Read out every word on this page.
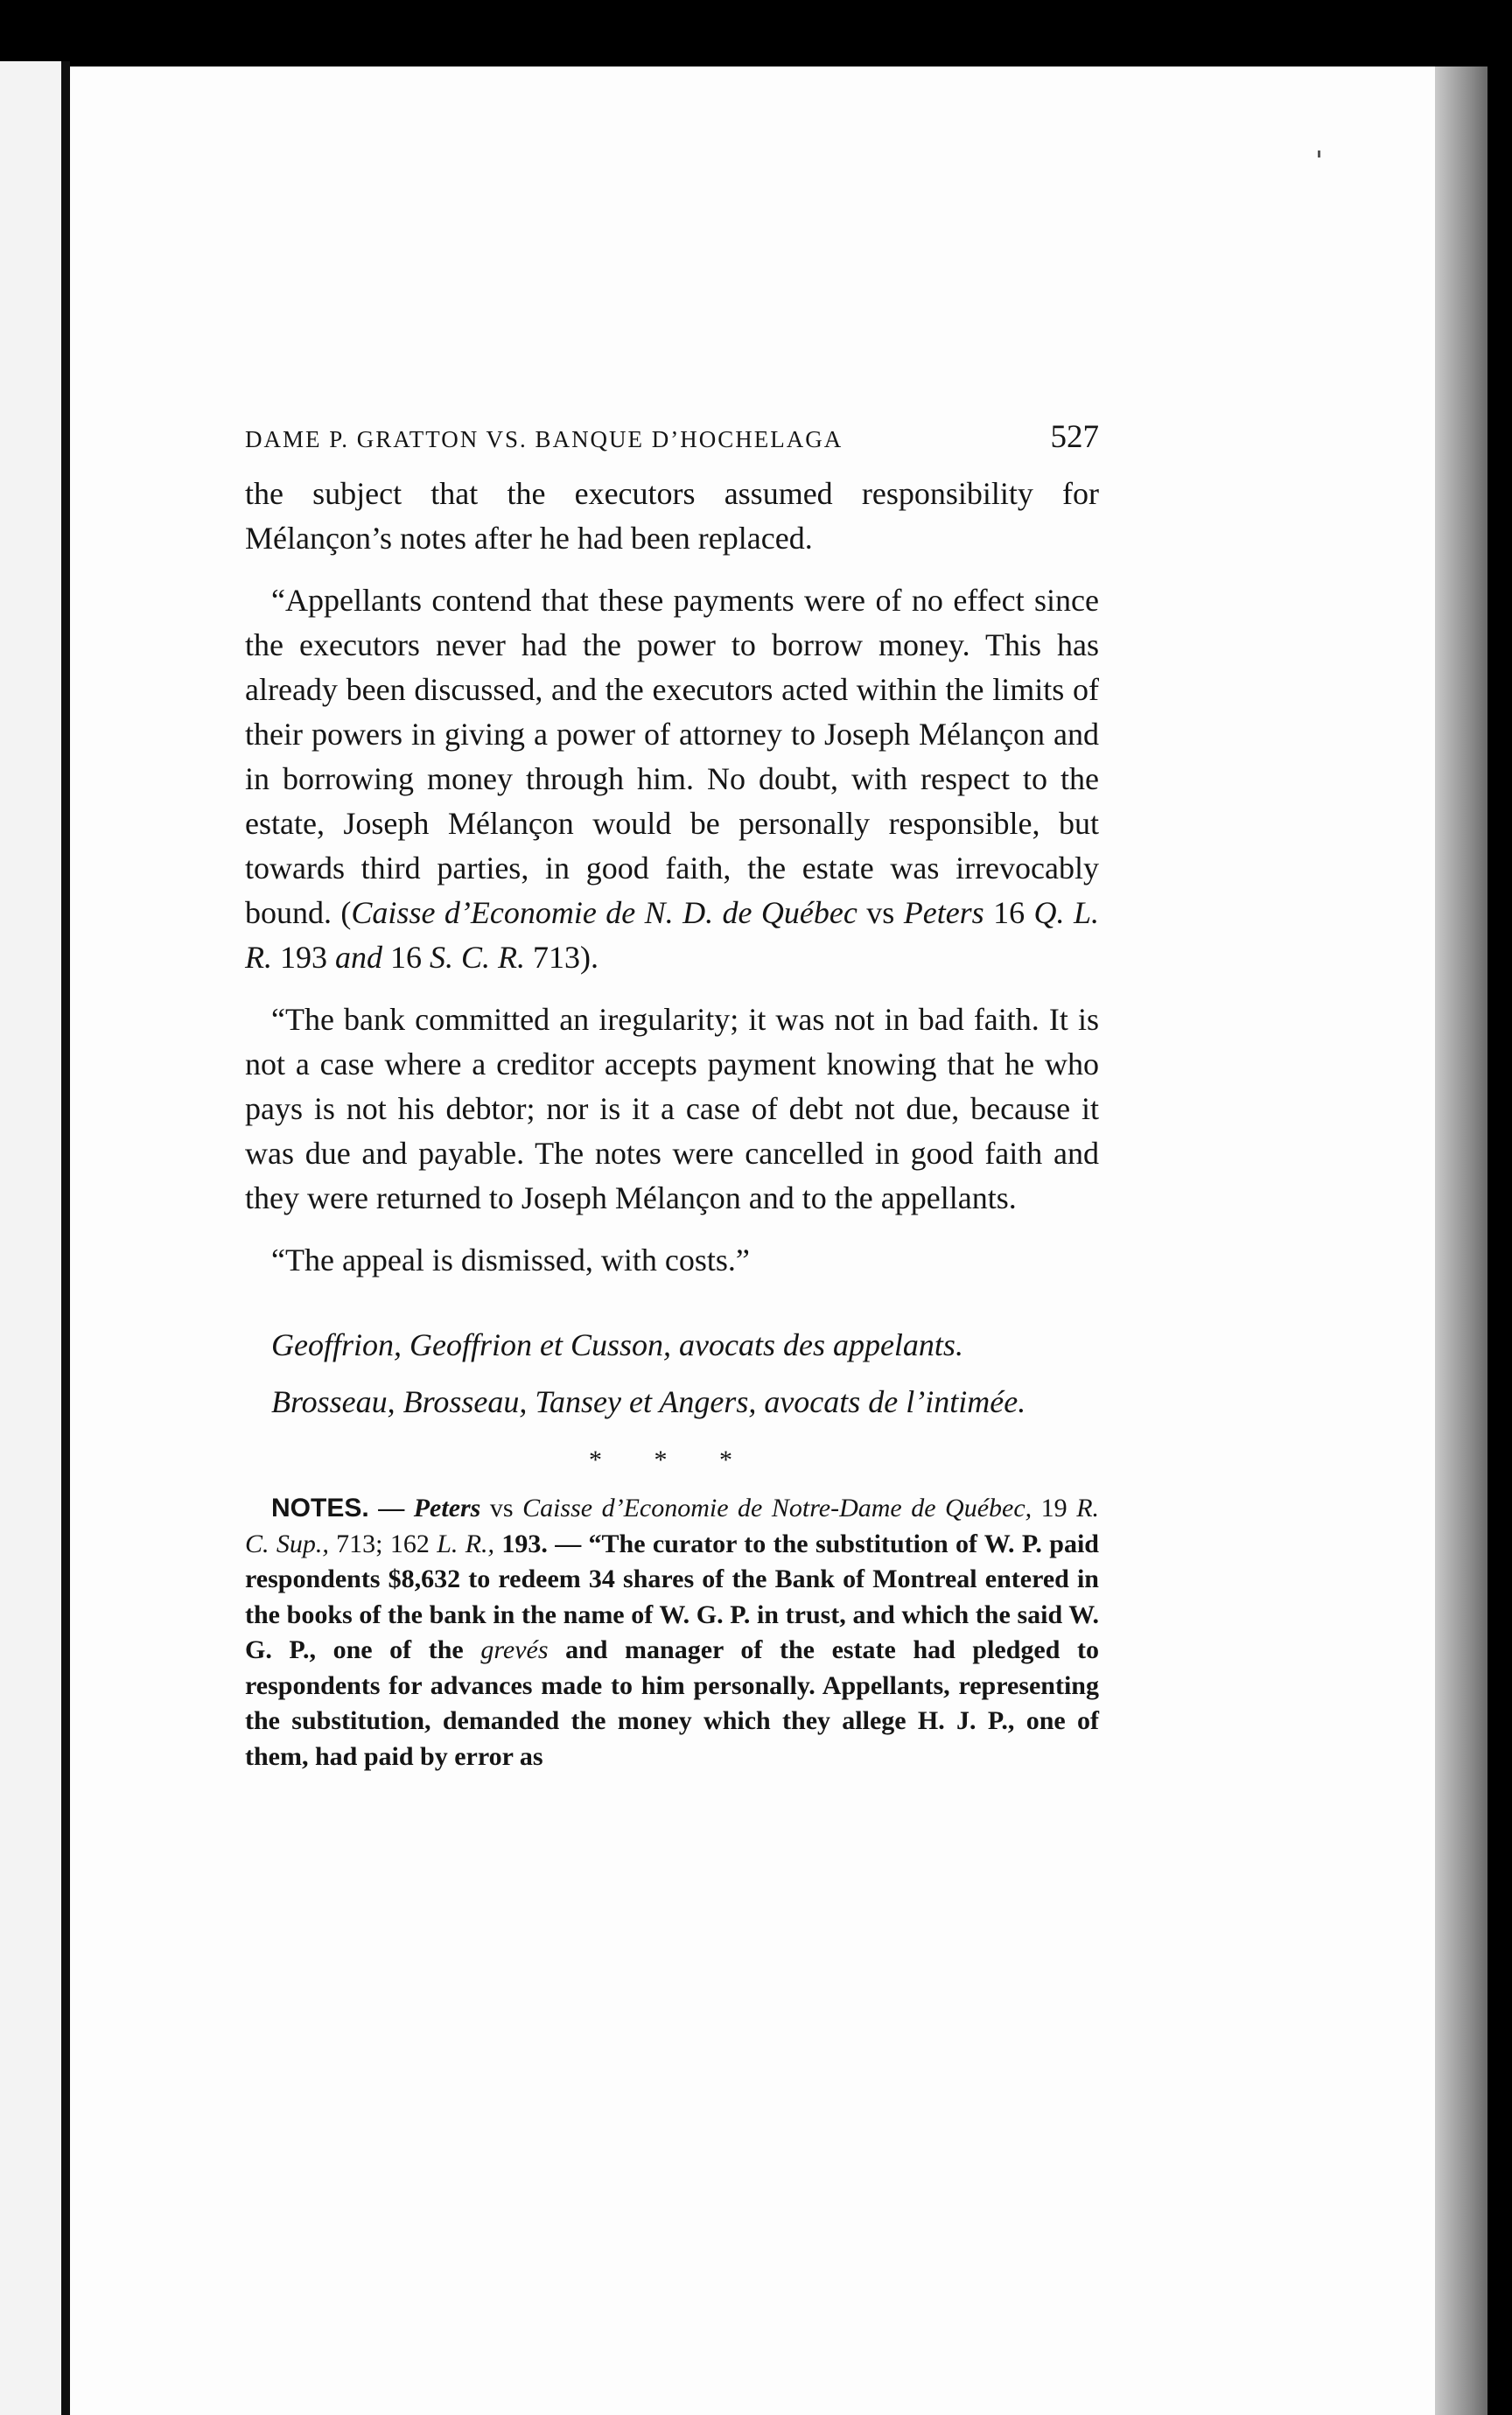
DAME P. GRATTON VS. BANQUE D’HOCHELAGA	527

the subject that the executors assumed responsibility for Mélançon’s notes after he had been replaced.

“Appellants contend that these payments were of no effect since the executors never had the power to borrow money. This has already been discussed, and the executors acted within the limits of their powers in giving a power of attorney to Joseph Mélançon and in borrowing money through him. No doubt, with respect to the estate, Joseph Mélançon would be personally responsible, but towards third parties, in good faith, the estate was irrevocably bound. (Caisse d’Economie de N. D. de Québec vs Peters 16 Q. L. R. 193 and 16 S. C. R. 713).

“The bank committed an iregularity; it was not in bad faith. It is not a case where a creditor accepts payment knowing that he who pays is not his debtor; nor is it a case of debt not due, because it was due and payable. The notes were cancelled in good faith and they were returned to Joseph Mélançon and to the appellants.

“The appeal is dismissed, with costs.”

Geoffrion, Geoffrion et Cusson, avocats des appelants.
Brosseau, Brosseau, Tansey et Angers, avocats de l’intimée.
* * *
NOTES. — Peters vs Caisse d’Economie de Notre-Dame de Québec, 19 R. C. Sup., 713; 162 L. R., 193. — “The curator to the substitution of W. P. paid respondents $8,632 to redeem 34 shares of the Bank of Montreal entered in the books of the bank in the name of W. G. P. in trust, and which the said W. G. P., one of the grevés and manager of the estate had pledged to respondents for advances made to him personally. Appellants, representing the substitution, demanded the money which they allege H. J. P., one of them, had paid by error as
